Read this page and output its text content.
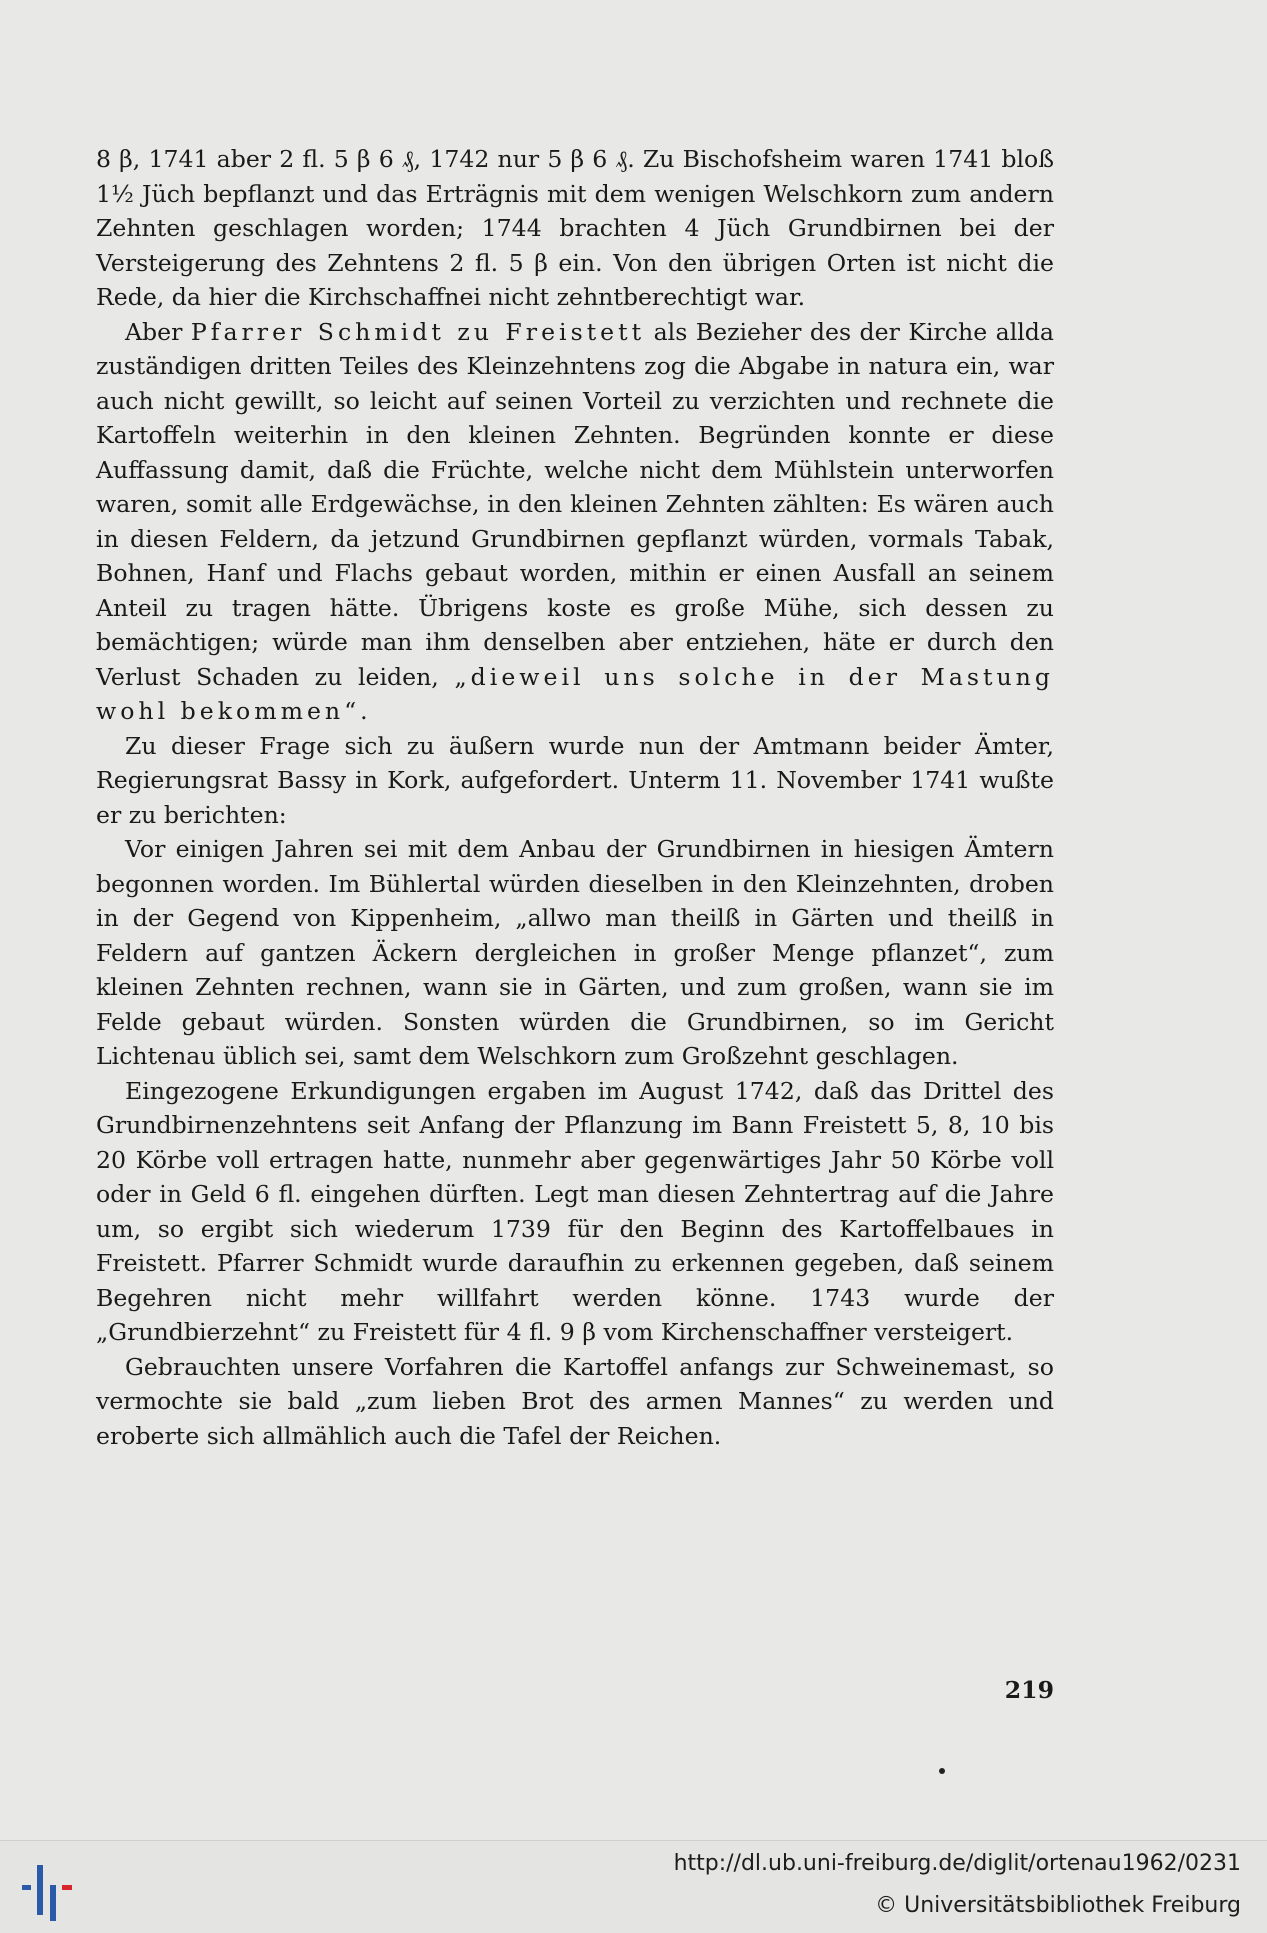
8 β, 1741 aber 2 fl. 5 β 6 ₰, 1742 nur 5 β 6 ₰. Zu Bischofsheim waren 1741 bloß 1½ Jüch bepflanzt und das Erträgnis mit dem wenigen Welschkorn zum andern Zehnten geschlagen worden; 1744 brachten 4 Jüch Grundbirnen bei der Versteigerung des Zehntens 2 fl. 5 β ein. Von den übrigen Orten ist nicht die Rede, da hier die Kirchschaffnei nicht zehntberechtigt war.

Aber Pfarrer Schmidt zu Freistett als Bezieher des der Kirche allda zuständigen dritten Teiles des Kleinzehntens zog die Abgabe in natura ein, war auch nicht gewillt, so leicht auf seinen Vorteil zu verzichten und rechnete die Kartoffeln weiterhin in den kleinen Zehnten. Begründen konnte er diese Auffassung damit, daß die Früchte, welche nicht dem Mühlstein unterworfen waren, somit alle Erdgewächse, in den kleinen Zehnten zählten: Es wären auch in diesen Feldern, da jetzund Grundbirnen gepflanzt würden, vormals Tabak, Bohnen, Hanf und Flachs gebaut worden, mithin er einen Ausfall an seinem Anteil zu tragen hätte. Übrigens koste es große Mühe, sich dessen zu bemächtigen; würde man ihm denselben aber entziehen, häte er durch den Verlust Schaden zu leiden, „dieweil uns solche in der Mastung wohl bekommen“.

Zu dieser Frage sich zu äußern wurde nun der Amtmann beider Ämter, Regierungsrat Bassy in Kork, aufgefordert. Unterm 11. November 1741 wußte er zu berichten:

Vor einigen Jahren sei mit dem Anbau der Grundbirnen in hiesigen Ämtern begonnen worden. Im Bühlertal würden dieselben in den Kleinzehnten, droben in der Gegend von Kippenheim, „allwo man theilß in Gärten und theilß in Feldern auf gantzen Äckern dergleichen in großer Menge pflanzet“, zum kleinen Zehnten rechnen, wann sie in Gärten, und zum großen, wann sie im Felde gebaut würden. Sonsten würden die Grundbirnen, so im Gericht Lichtenau üblich sei, samt dem Welschkorn zum Großzehnt geschlagen.

Eingezogene Erkundigungen ergaben im August 1742, daß das Drittel des Grundbirnenzehntens seit Anfang der Pflanzung im Bann Freistett 5, 8, 10 bis 20 Körbe voll ertragen hatte, nunmehr aber gegenwärtiges Jahr 50 Körbe voll oder in Geld 6 fl. eingehen dürften. Legt man diesen Zehntertrag auf die Jahre um, so ergibt sich wiederum 1739 für den Beginn des Kartoffelbaues in Freistett. Pfarrer Schmidt wurde daraufhin zu erkennen gegeben, daß seinem Begehren nicht mehr willfahrt werden könne. 1743 wurde der „Grundbierzehnt“ zu Freistett für 4 fl. 9 β vom Kirchenschaffner versteigert.

Gebrauchten unsere Vorfahren die Kartoffel anfangs zur Schweinemast, so vermochte sie bald „zum lieben Brot des armen Mannes“ zu werden und eroberte sich allmählich auch die Tafel der Reichen.

219
http://dl.ub.uni-freiburg.de/diglit/ortenau1962/0231
© Universitätsbibliothek Freiburg
